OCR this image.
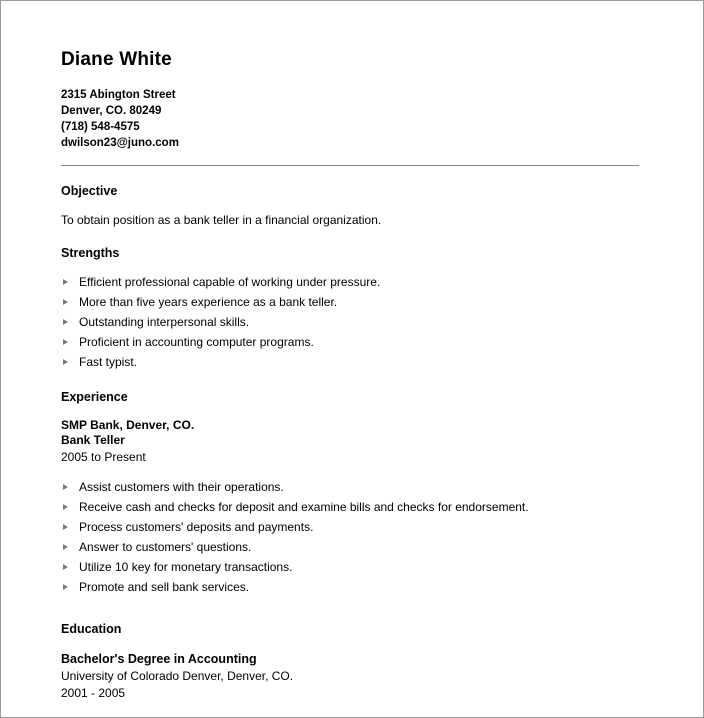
Diane White
2315 Abington Street
Denver, CO. 80249
(718) 548-4575
dwilson23@juno.com
Objective

To obtain position as a bank teller in a financial organization.

Strengths
Efficient professional capable of working under pressure.
More than five years experience as a bank teller.
Outstanding interpersonal skills.
Proficient in accounting computer programs.
Fast typist.
Experience
SMP Bank, Denver, CO.
Bank Teller
2005 to Present
Assist customers with their operations.
Receive cash and checks for deposit and examine bills and checks for endorsement.
Process customers' deposits and payments.
Answer to customers' questions.
Utilize 10 key for monetary transactions.
Promote and sell bank services.
Education
Bachelor's Degree in Accounting
University of Colorado Denver, Denver, CO.
2001 - 2005
